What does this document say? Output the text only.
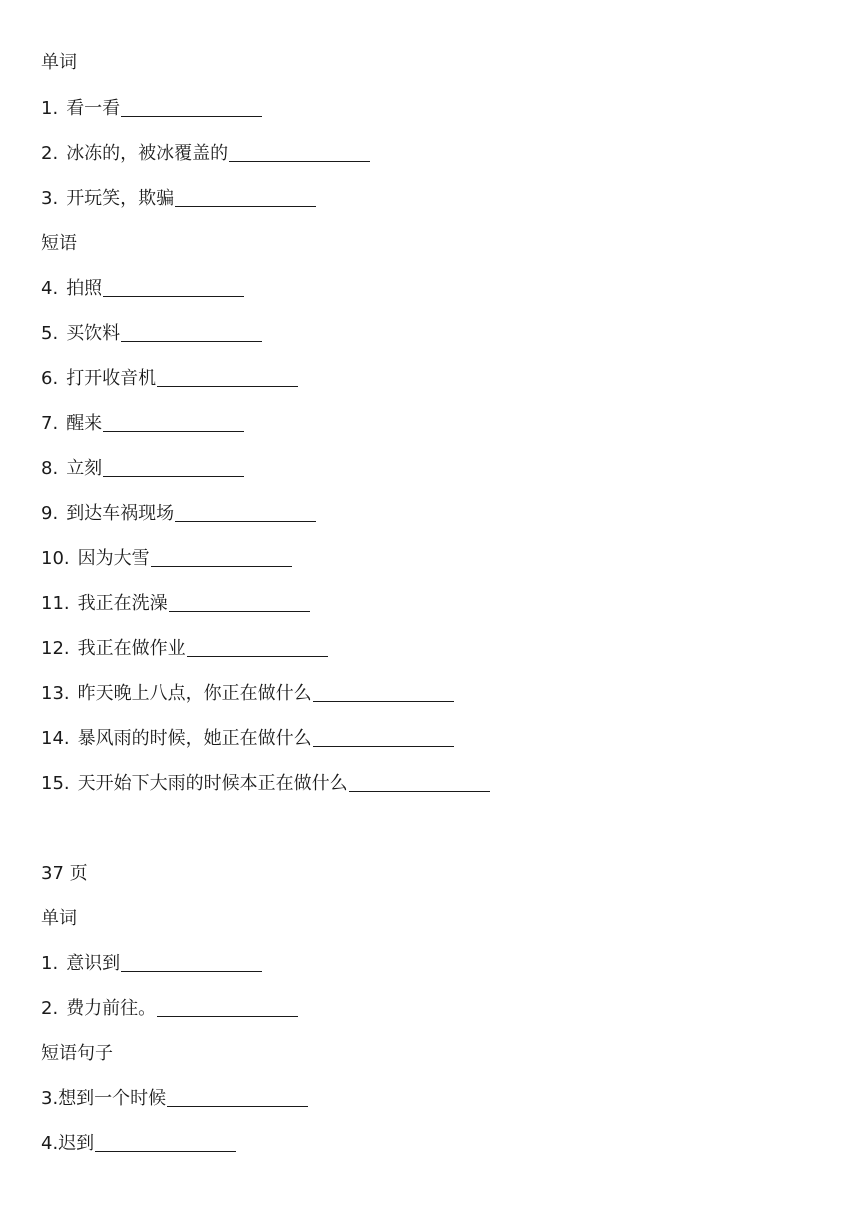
单词
1. 看一看
2. 冰冻的，被冰覆盖的
3. 开玩笑，欺骗
短语
4. 拍照
5. 买饮料
6. 打开收音机
7. 醒来
8. 立刻
9. 到达车祸现场
10. 因为大雪
11. 我正在洗澡
12. 我正在做作业
13. 昨天晚上八点，你正在做什么
14. 暴风雨的时候，她正在做什么
15. 天开始下大雨的时候本正在做什么
37 页
单词
1. 意识到
2. 费力前往。
短语句子
3.想到一个时候
4.迟到
